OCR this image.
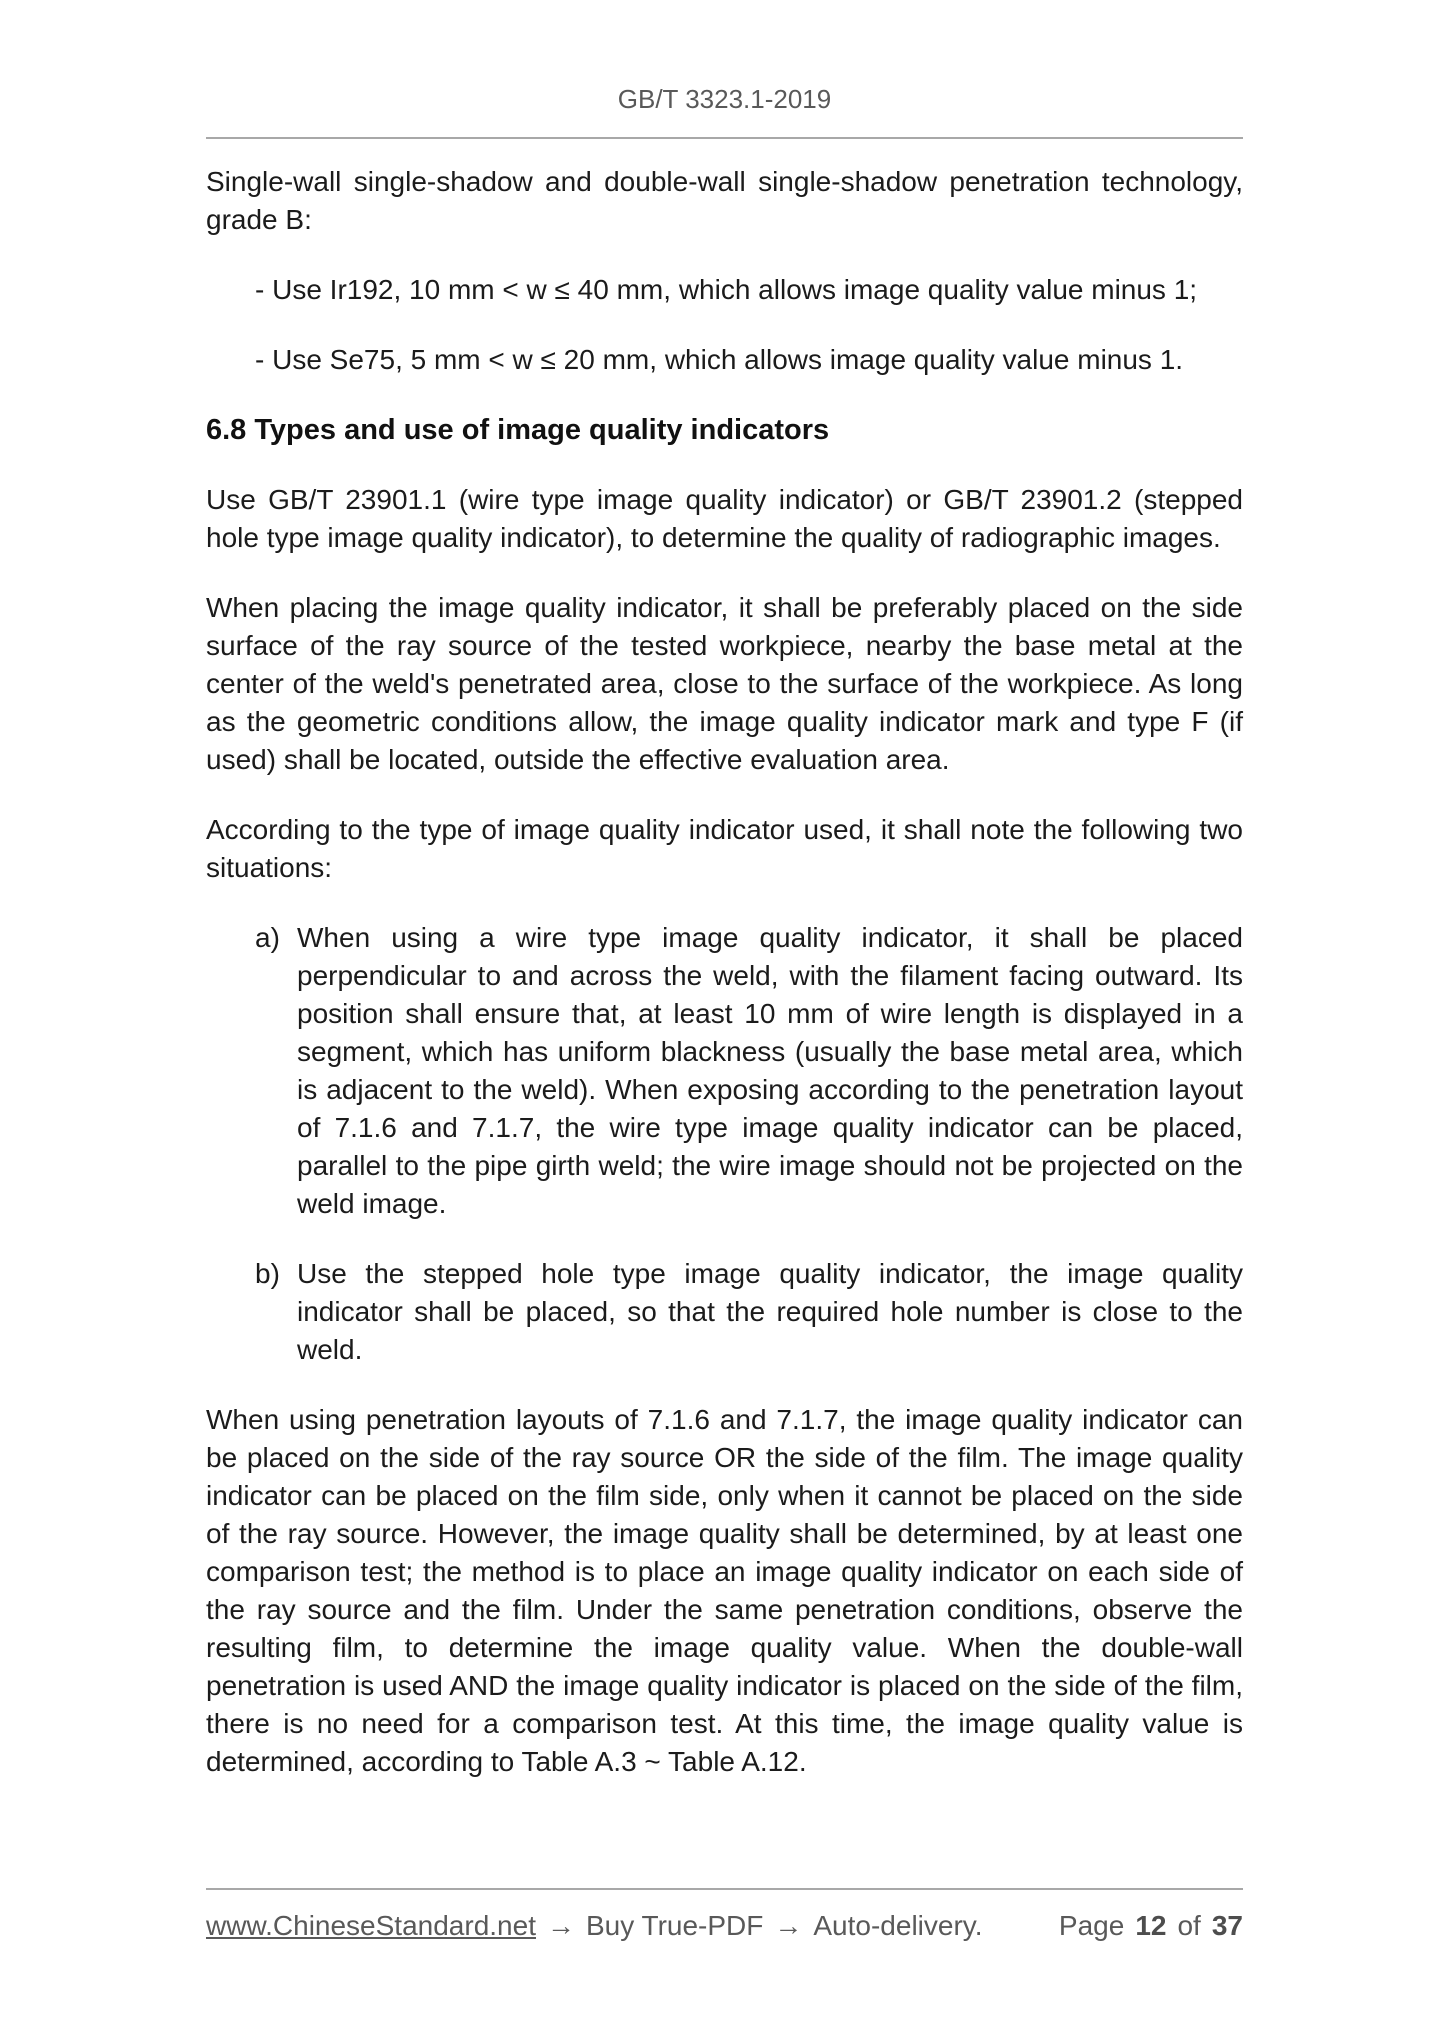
GB/T 3323.1-2019

Single-wall single-shadow and double-wall single-shadow penetration technology, grade B:

- Use Ir192, 10 mm < w ≤ 40 mm, which allows image quality value minus 1;

- Use Se75, 5 mm < w ≤ 20 mm, which allows image quality value minus 1.

6.8 Types and use of image quality indicators

Use GB/T 23901.1 (wire type image quality indicator) or GB/T 23901.2 (stepped hole type image quality indicator), to determine the quality of radiographic images.

When placing the image quality indicator, it shall be preferably placed on the side surface of the ray source of the tested workpiece, nearby the base metal at the center of the weld's penetrated area, close to the surface of the workpiece. As long as the geometric conditions allow, the image quality indicator mark and type F (if used) shall be located, outside the effective evaluation area.

According to the type of image quality indicator used, it shall note the following two situations:

a) When using a wire type image quality indicator, it shall be placed perpendicular to and across the weld, with the filament facing outward. Its position shall ensure that, at least 10 mm of wire length is displayed in a segment, which has uniform blackness (usually the base metal area, which is adjacent to the weld). When exposing according to the penetration layout of 7.1.6 and 7.1.7, the wire type image quality indicator can be placed, parallel to the pipe girth weld; the wire image should not be projected on the weld image.

b) Use the stepped hole type image quality indicator, the image quality indicator shall be placed, so that the required hole number is close to the weld.

When using penetration layouts of 7.1.6 and 7.1.7, the image quality indicator can be placed on the side of the ray source OR the side of the film. The image quality indicator can be placed on the film side, only when it cannot be placed on the side of the ray source. However, the image quality shall be determined, by at least one comparison test; the method is to place an image quality indicator on each side of the ray source and the film. Under the same penetration conditions, observe the resulting film, to determine the image quality value. When the double-wall penetration is used AND the image quality indicator is placed on the side of the film, there is no need for a comparison test. At this time, the image quality value is determined, according to Table A.3 ~ Table A.12.

www.ChineseStandard.net → Buy True-PDF → Auto-delivery.	Page 12 of 37
